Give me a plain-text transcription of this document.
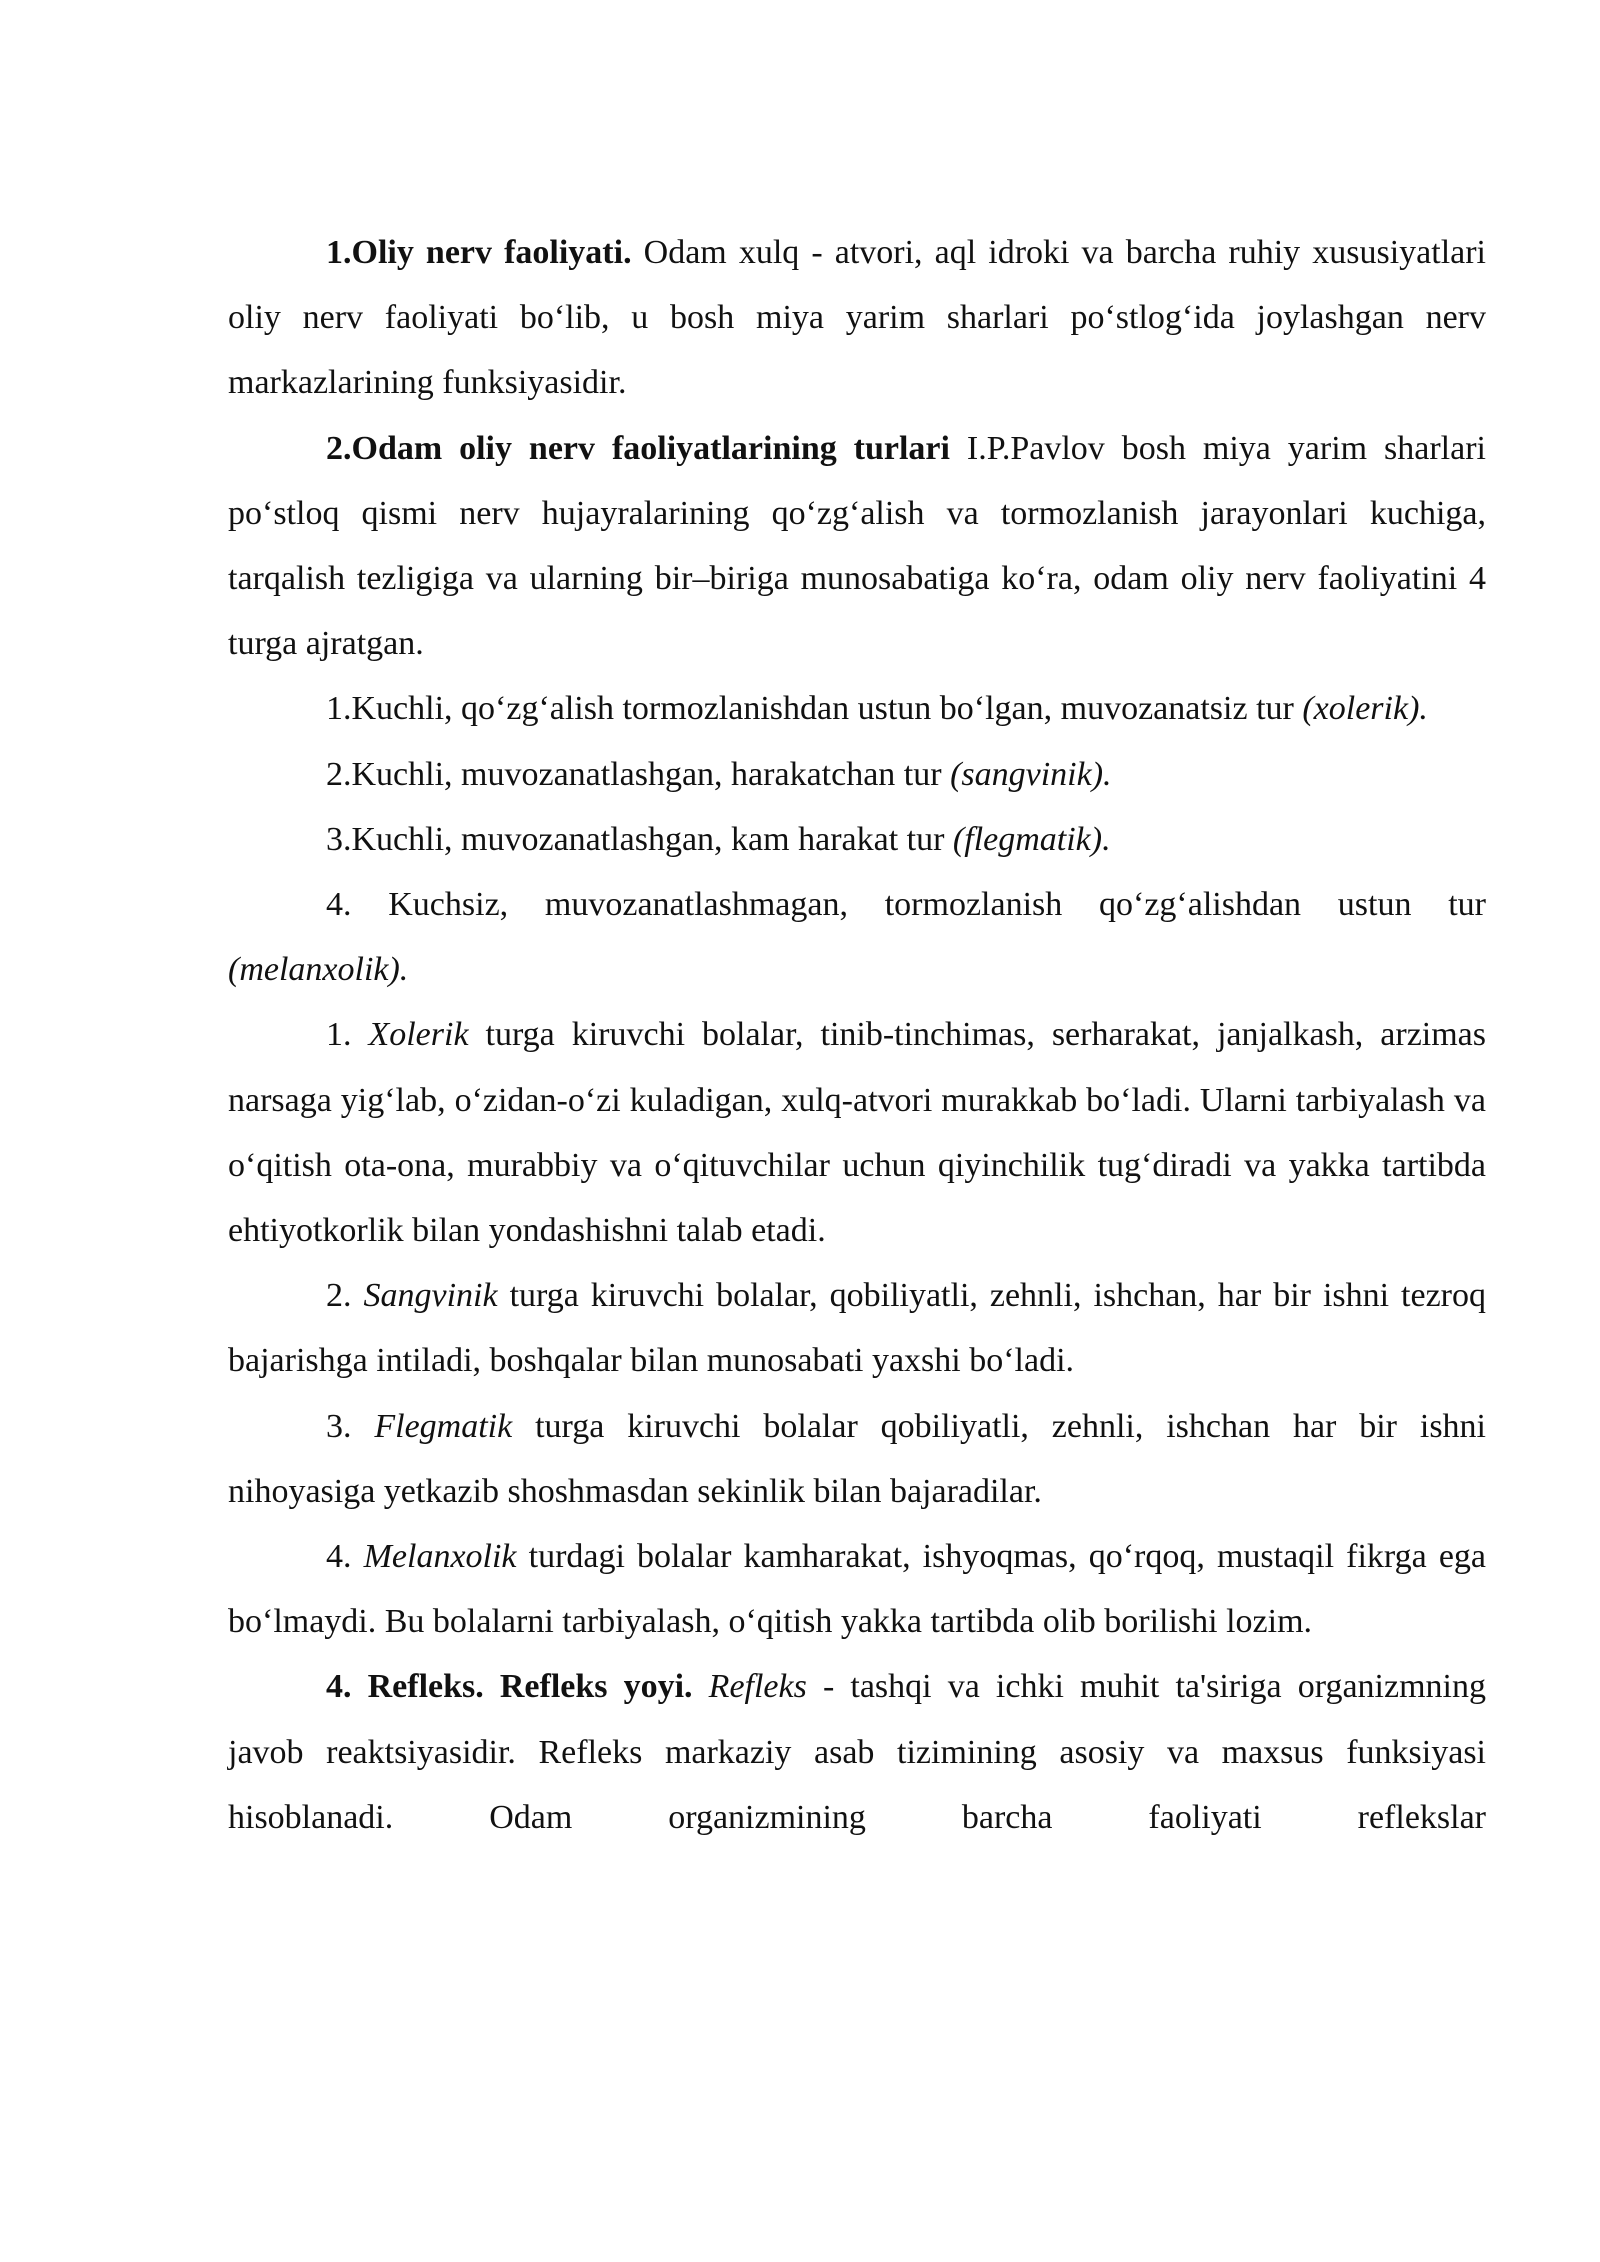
1.Oliy nerv faoliyati. Odam xulq - atvori, aql idroki va barcha ruhiy xususiyatlari oliy nerv faoliyati bo‘lib, u bosh miya yarim sharlari po‘stlog‘ida joylashgan nerv markazlarining funksiyasidir.

2.Odam oliy nerv faoliyatlarining turlari I.P.Pavlov bosh miya yarim sharlari po‘stloq qismi nerv hujayralarining qo‘zg‘alish va tormozlanish jarayonlari kuchiga, tarqalish tezligiga va ularning bir–biriga munosabatiga ko‘ra, odam oliy nerv faoliyatini 4 turga ajratgan.

1.Kuchli, qo‘zg‘alish tormozlanishdan ustun bo‘lgan, muvozanatsiz tur (xolerik).

2.Kuchli, muvozanatlashgan, harakatchan tur (sangvinik).

3.Kuchli, muvozanatlashgan, kam harakat tur (flegmatik).

4. Kuchsiz, muvozanatlashmagan, tormozlanish qo‘zg‘alishdan ustun tur (melanxolik).

1. Xolerik turga kiruvchi bolalar, tinib-tinchimas, serharakat, janjalkash, arzimas narsaga yig‘lab, o‘zidan-o‘zi kuladigan, xulq-atvori murakkab bo‘ladi. Ularni tarbiyalash va o‘qitish ota-ona, murabbiy va o‘qituvchilar uchun qiyinchilik tug‘diradi va yakka tartibda ehtiyotkorlik bilan yondashishni talab etadi.

2. Sangvinik turga kiruvchi bolalar, qobiliyatli, zehnli, ishchan, har bir ishni tezroq bajarishga intiladi, boshqalar bilan munosabati yaxshi bo‘ladi.

3. Flegmatik turga kiruvchi bolalar qobiliyatli, zehnli, ishchan har bir ishni nihoyasiga yetkazib shoshmasdan sekinlik bilan bajaradilar.

4. Melanxolik turdagi bolalar kamharakat, ishyoqmas, qo‘rqoq, mustaqil fikrga ega bo‘lmaydi. Bu bolalarni tarbiyalash, o‘qitish yakka tartibda olib borilishi lozim.

4. Refleks. Refleks yoyi. Refleks - tashqi va ichki muhit ta'siriga organizmning javob reaktsiyasidir. Refleks markaziy asab tizimining asosiy va maxsus funksiyasi hisoblanadi. Odam organizmining barcha faoliyati reflekslar
